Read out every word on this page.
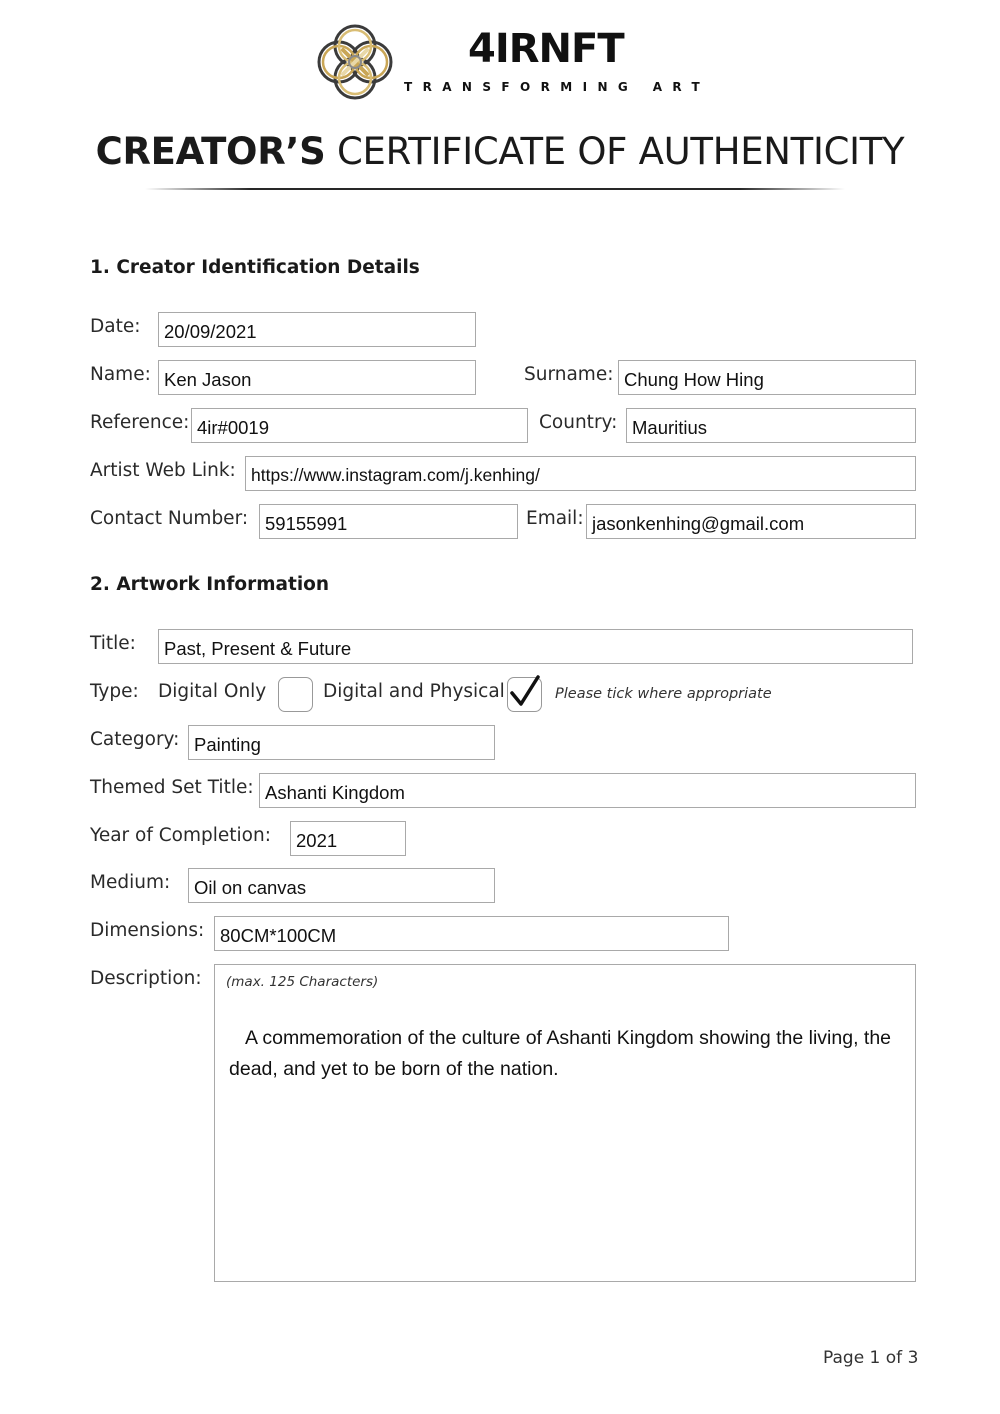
4IRNFT
TRANSFORMING ART
CREATOR’S CERTIFICATE OF AUTHENTICITY
1. Creator Identification Details
Date:	20/09/2021
Name: Ken Jason	Surname: Chung How Hing
Reference: 4ir#0019	Country: Mauritius
Artist Web Link: https://www.instagram.com/j.kenhing/
Contact Number: 59155991	Email: jasonkenhing@gmail.com
2. Artwork Information
Title:	Past, Present & Future
Type: Digital Only	Digital and Physical	Please tick where appropriate
Category: Painting
Themed Set Title: Ashanti Kingdom
Year of Completion:	2021
Medium:	Oil on canvas
Dimensions: 80CM*100CM
Description: (max. 125 Characters)
A commemoration of the culture of Ashanti Kingdom showing the living, the dead, and yet to be born of the nation.
Page 1 of 3
